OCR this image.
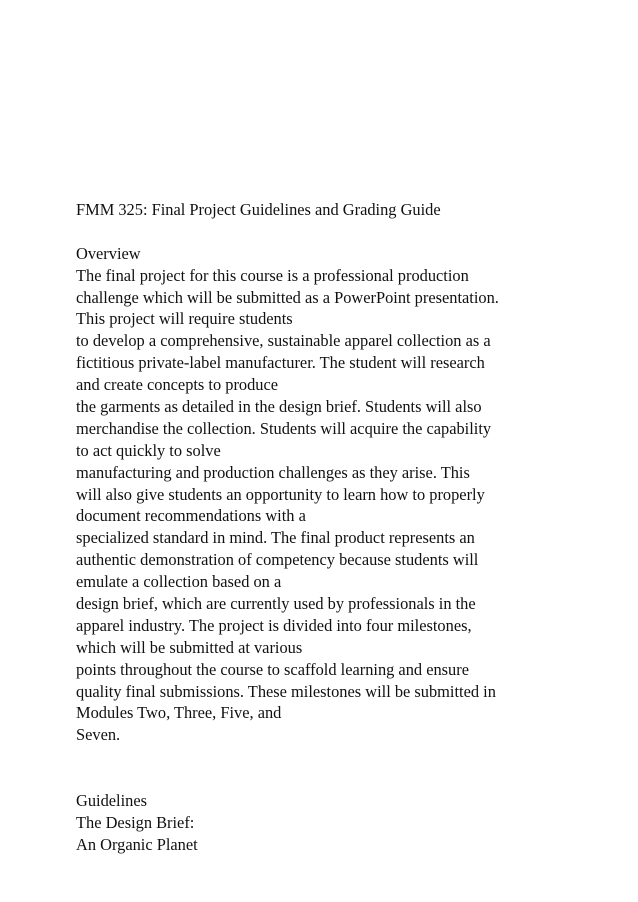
FMM 325: Final Project Guidelines and Grading Guide
Overview
The final project for this course is a professional production
challenge which will be submitted as a PowerPoint presentation.
This project will require students
to develop a comprehensive, sustainable apparel collection as a
fictitious private-label manufacturer. The student will research
and create concepts to produce
the garments as detailed in the design brief. Students will also
merchandise the collection. Students will acquire the capability
to act quickly to solve
manufacturing and production challenges as they arise. This
will also give students an opportunity to learn how to properly
document recommendations with a
specialized standard in mind. The final product represents an
authentic demonstration of competency because students will
emulate a collection based on a
design brief, which are currently used by professionals in the
apparel industry. The project is divided into four milestones,
which will be submitted at various
points throughout the course to scaffold learning and ensure
quality final submissions. These milestones will be submitted in
Modules Two, Three, Five, and
Seven.
Guidelines
The Design Brief:
An Organic Planet
